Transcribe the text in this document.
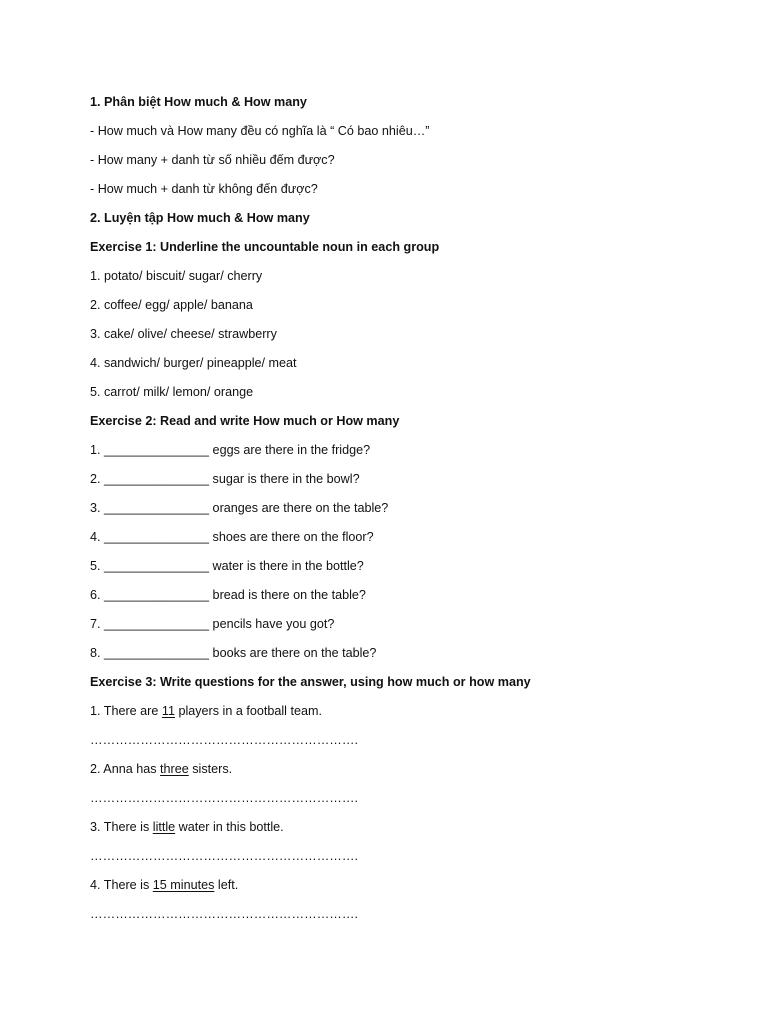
1. Phân biệt How much & How many
- How much và How many đều có nghĩa là “ Có bao nhiêu…”
- How many + danh từ số nhiều đếm được?
- How much + danh từ không đến được?
2. Luyện tập How much & How many
Exercise 1: Underline the uncountable noun in each group
1. potato/ biscuit/ sugar/ cherry
2. coffee/ egg/ apple/ banana
3. cake/ olive/ cheese/ strawberry
4. sandwich/ burger/ pineapple/ meat
5. carrot/ milk/ lemon/ orange
Exercise 2: Read and write How much or How many
1. _______________ eggs are there in the fridge?
2. _______________ sugar is there in the bowl?
3. _______________ oranges are there on the table?
4. _______________ shoes are there on the floor?
5. _______________ water is there in the bottle?
6. _______________ bread is there on the table?
7. _______________ pencils have you got?
8. _______________ books are there on the table?
Exercise 3: Write questions for the answer, using how much or how many
1. There are 11 players in a football team.
……………………………………………………….
2. Anna has three sisters.
……………………………………………………….
3. There is little water in this bottle.
……………………………………………………….
4. There is 15 minutes left.
……………………………………………………….
